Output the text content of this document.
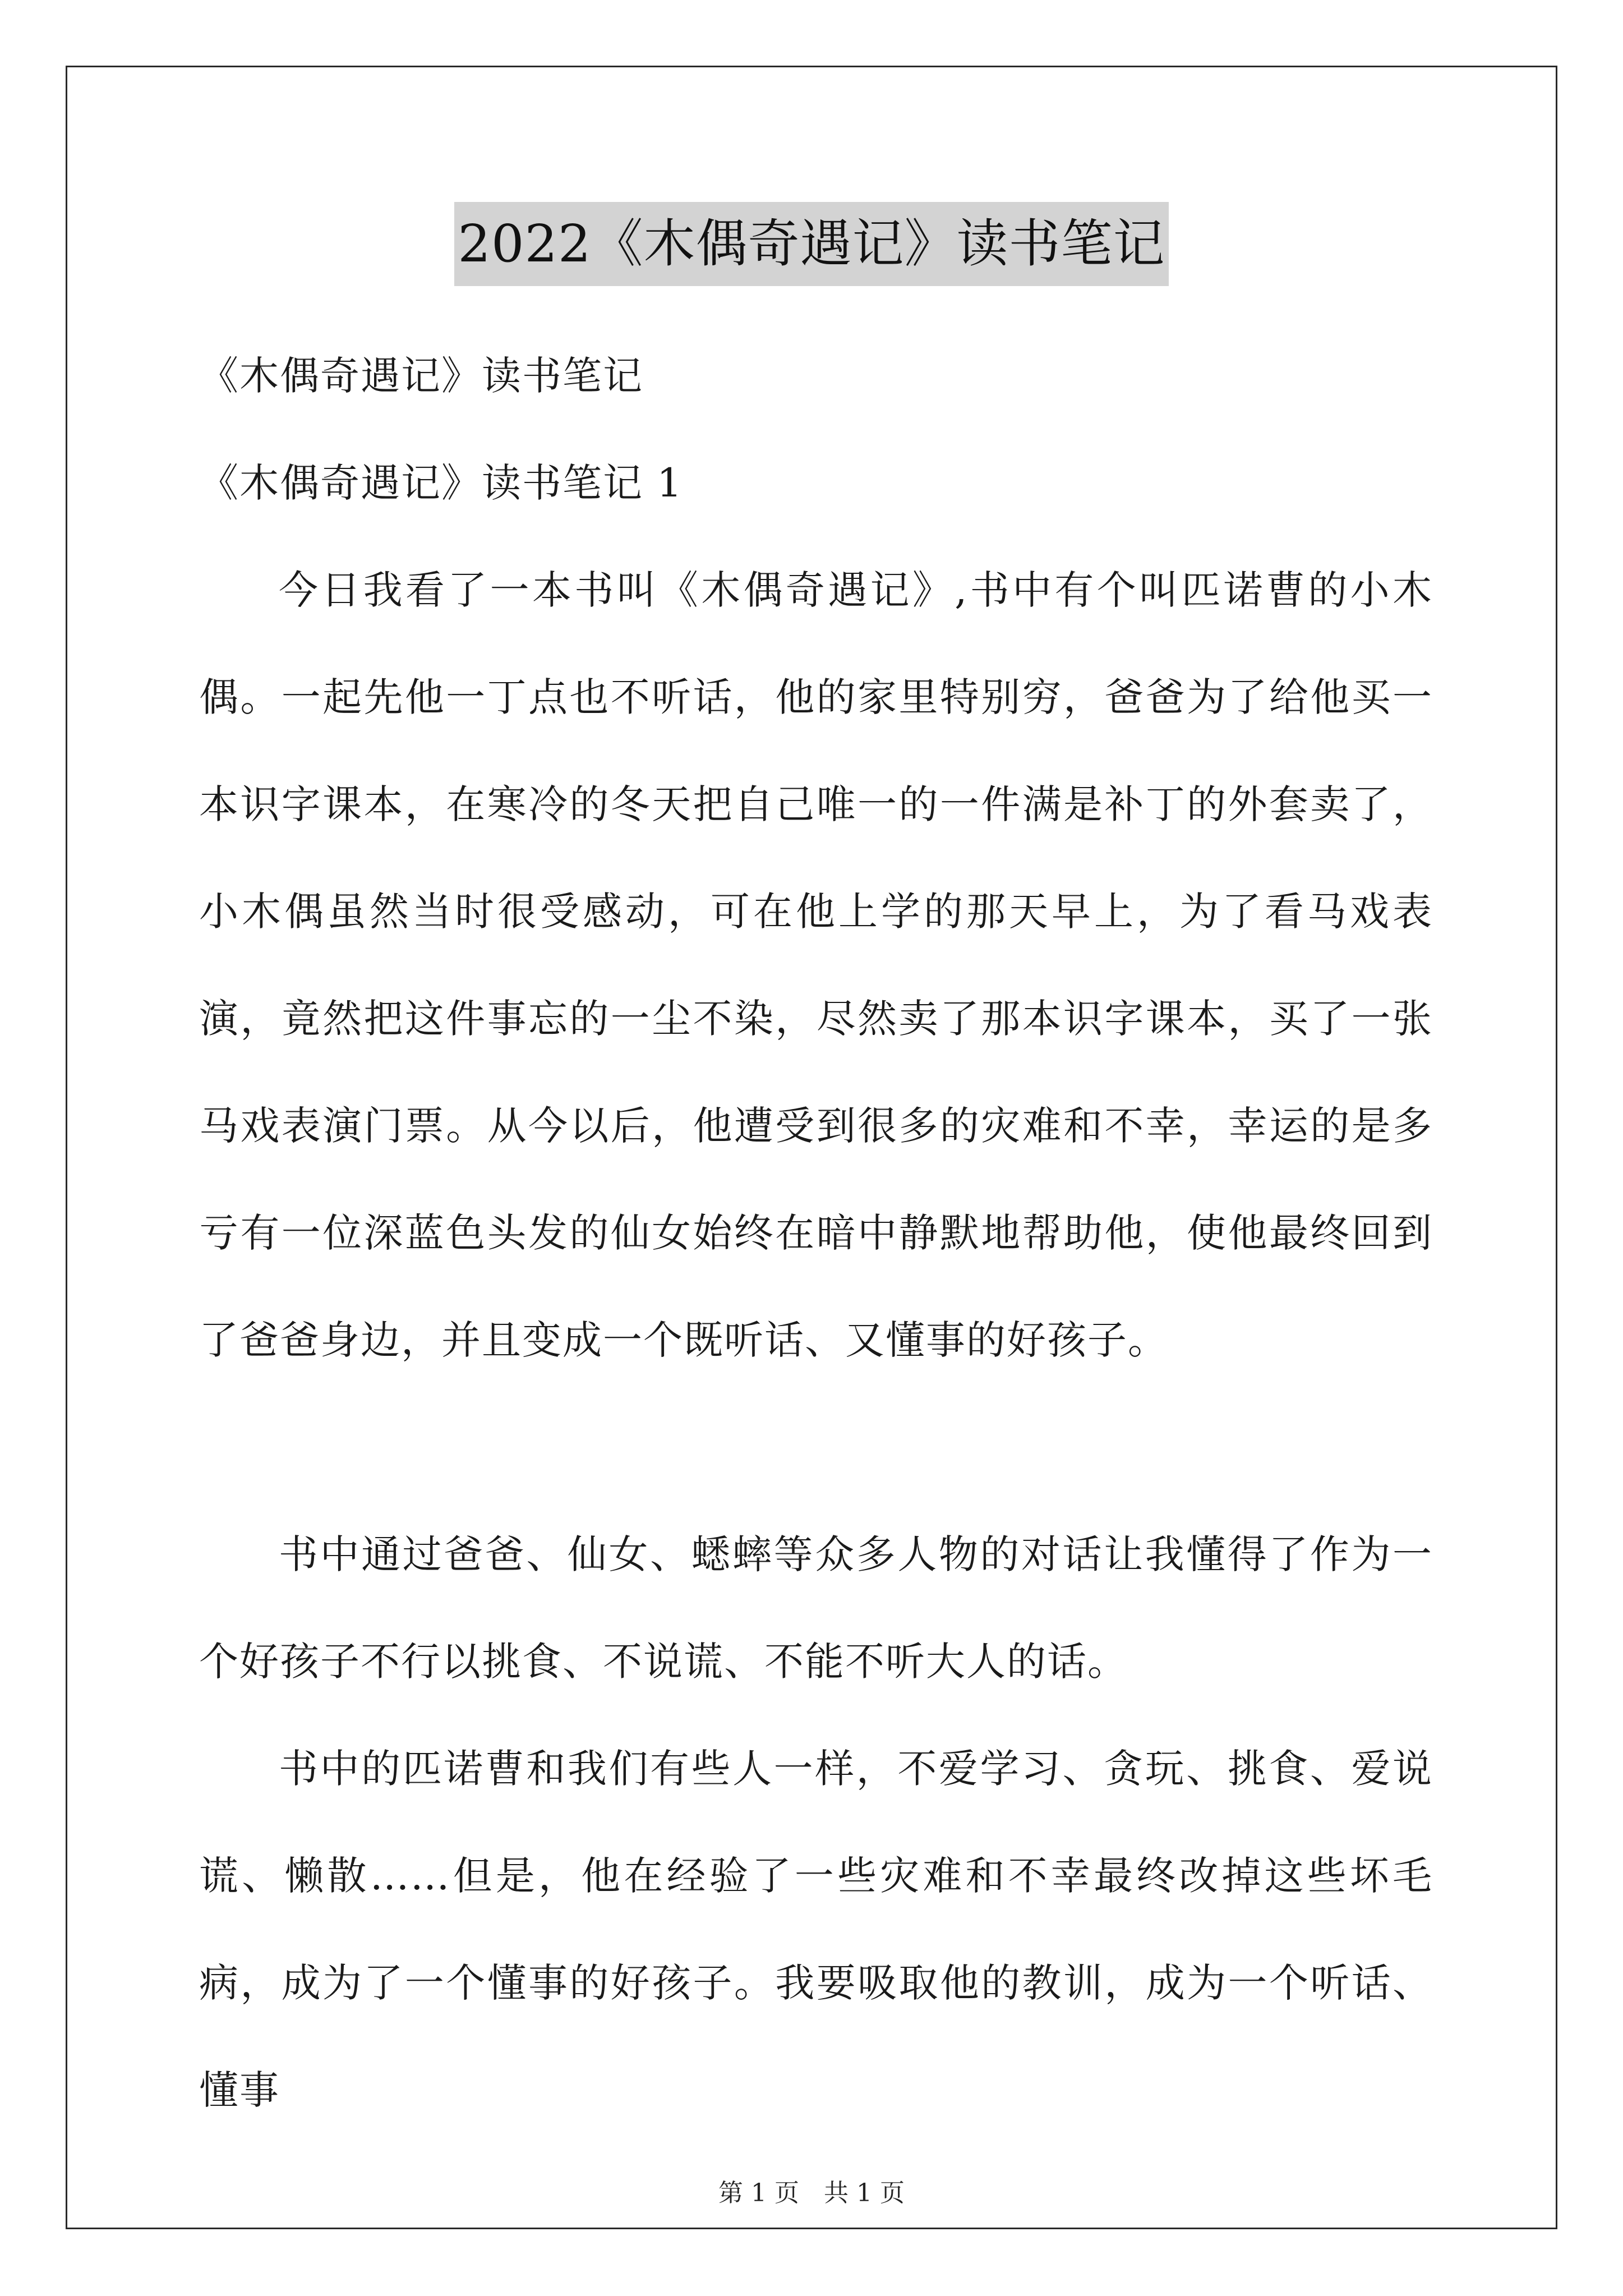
2022《木偶奇遇记》读书笔记

《木偶奇遇记》读书笔记

《木偶奇遇记》读书笔记 1

今日我看了一本书叫《木偶奇遇记》,书中有个叫匹诺曹的小木偶。一起先他一丁点也不听话，他的家里特别穷，爸爸为了给他买一本识字课本，在寒冷的冬天把自己唯一的一件满是补丁的外套卖了，小木偶虽然当时很受感动，可在他上学的那天早上，为了看马戏表演，竟然把这件事忘的一尘不染，尽然卖了那本识字课本，买了一张马戏表演门票。从今以后，他遭受到很多的灾难和不幸，幸运的是多亏有一位深蓝色头发的仙女始终在暗中静默地帮助他，使他最终回到了爸爸身边，并且变成一个既听话、又懂事的好孩子。

书中通过爸爸、仙女、蟋蟀等众多人物的对话让我懂得了作为一个好孩子不行以挑食、不说谎、不能不听大人的话。

书中的匹诺曹和我们有些人一样，不爱学习、贪玩、挑食、爱说谎、懒散……但是，他在经验了一些灾难和不幸最终改掉这些坏毛病，成为了一个懂事的好孩子。我要吸取他的教训，成为一个听话、懂事

第 1 页　共 1 页
